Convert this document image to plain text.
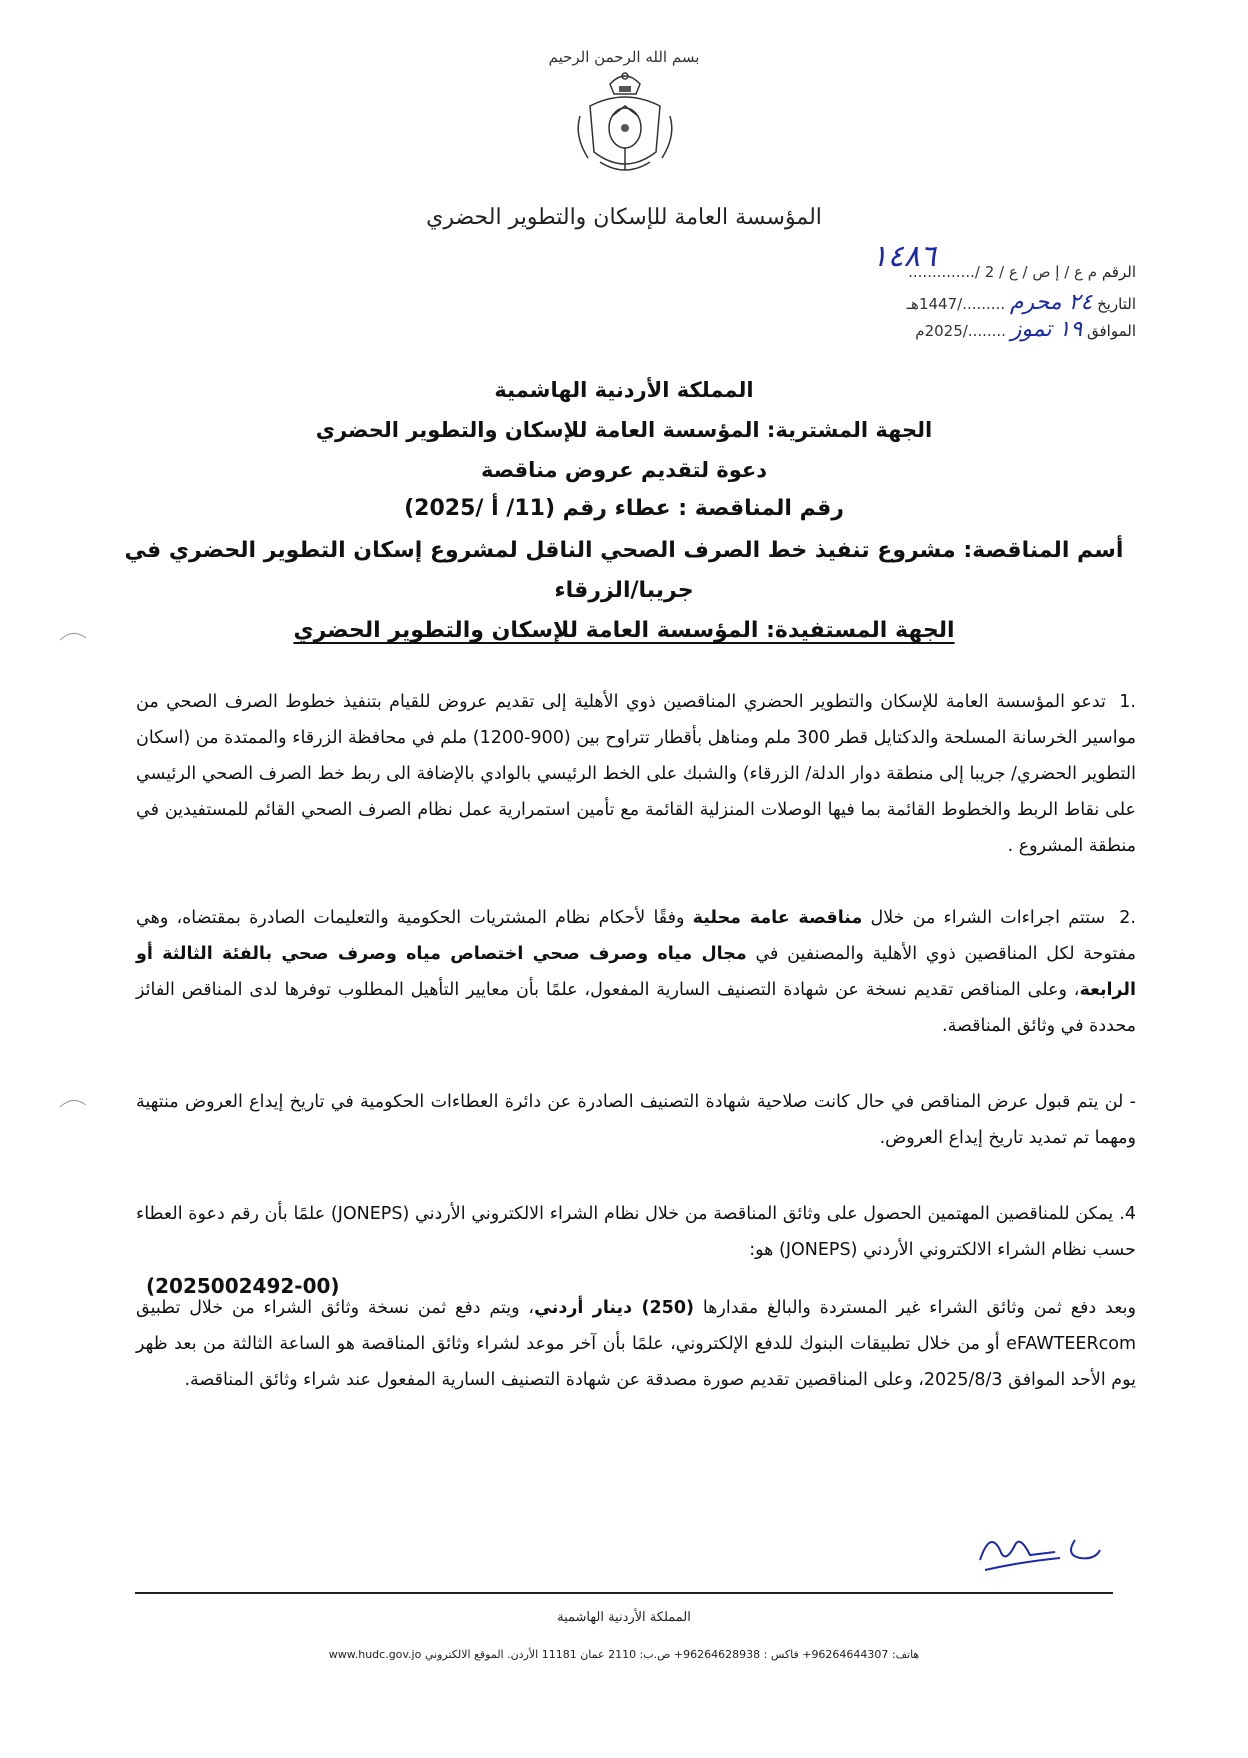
بسم الله الرحمن الرحيم
المؤسسة العامة للإسكان والتطوير الحضري
١٤٨٦	الرقم م ع / إ ص / ع / 2 /..............
التاريخ ٢٤ محرم ........./1447هـ
الموافق ١٩ تموز ......../2025م
المملكة الأردنية الهاشمية
الجهة المشترية: المؤسسة العامة للإسكان والتطوير الحضري
دعوة لتقديم عروض مناقصة
رقم المناقصة : عطاء رقم (11/ أ /2025)
أسم المناقصة: مشروع تنفيذ خط الصرف الصحي الناقل لمشروع إسكان التطوير الحضري في
جريبا/الزرقاء
الجهة المستفيدة: المؤسسة العامة للإسكان والتطوير الحضري
.1 تدعو المؤسسة العامة للإسكان والتطوير الحضري المناقصين ذوي الأهلية إلى تقديم عروض للقيام بتنفيذ خطوط الصرف الصحي من مواسير الخرسانة المسلحة والدكتايل قطر 300 ملم ومناهل بأقطار تتراوح بين (900-1200) ملم في محافظة الزرقاء والممتدة من (اسكان التطوير الحضري/ جريبا إلى منطقة دوار الدلة/ الزرقاء) والشبك على الخط الرئيسي بالوادي بالإضافة الى ربط خط الصرف الصحي الرئيسي على نقاط الربط والخطوط القائمة بما فيها الوصلات المنزلية القائمة مع تأمين استمرارية عمل نظام الصرف الصحي القائم للمستفيدين في منطقة المشروع .
.2 ستتم اجراءات الشراء من خلال مناقصة عامة محلية وفقًا لأحكام نظام المشتريات الحكومية والتعليمات الصادرة بمقتضاه، وهي مفتوحة لكل المناقصين ذوي الأهلية والمصنفين في مجال مياه وصرف صحي اختصاص مياه وصرف صحي بالفئة الثالثة أو الرابعة، وعلى المناقص تقديم نسخة عن شهادة التصنيف السارية المفعول، علمًا بأن معايير التأهيل المطلوب توفرها لدى المناقص الفائز محددة في وثائق المناقصة.
- لن يتم قبول عرض المناقص في حال كانت صلاحية شهادة التصنيف الصادرة عن دائرة العطاءات الحكومية في تاريخ إيداع العروض منتهية ومهما تم تمديد تاريخ إيداع العروض.
4.يمكن للمناقصين المهتمين الحصول على وثائق المناقصة من خلال نظام الشراء الالكتروني الأردني (JONEPS) علمًا بأن رقم دعوة العطاء حسب نظام الشراء الالكتروني الأردني (JONEPS) هو:
(2025002492-00)
وبعد دفع ثمن وثائق الشراء غير المستردة والبالغ مقدارها (250) دينار أردني، ويتم دفع ثمن نسخة وثائق الشراء من خلال تطبيق eFAWTEERcom أو من خلال تطبيقات البنوك للدفع الإلكتروني، علمًا بأن آخر موعد لشراء وثائق المناقصة هو الساعة الثالثة من بعد ظهر يوم الأحد الموافق 2025/8/3، وعلى المناقصين تقديم صورة مصدقة عن شهادة التصنيف السارية المفعول عند شراء وثائق المناقصة.
المملكة الأردنية الهاشمية
هاتف: 96264644307+ فاكس : 96264628938+ ص.ب: 2110 عمان 11181 الأردن. الموقع الالكتروني www.hudc.gov.jo
